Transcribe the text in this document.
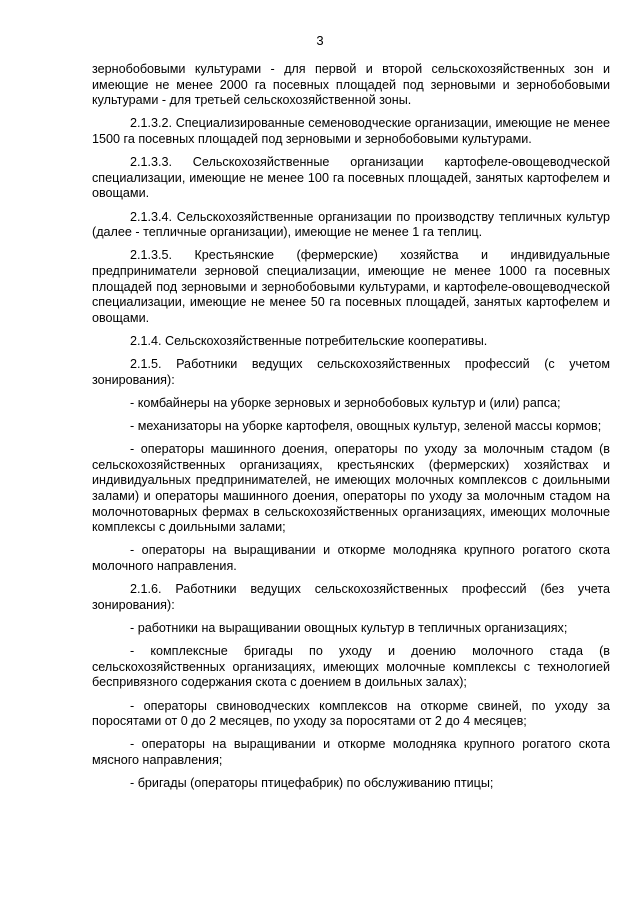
3

зернобобовыми культурами - для первой и второй сельскохозяйственных зон и имеющие не менее 2000 га посевных площадей под зерновыми и зернобобовыми культурами - для третьей сельскохозяйственной зоны.

2.1.3.2. Специализированные семеноводческие организации, имеющие не менее 1500 га посевных площадей под зерновыми и зернобобовыми культурами.

2.1.3.3. Сельскохозяйственные организации картофеле-овощеводческой специализации, имеющие не менее 100 га посевных площадей, занятых картофелем и овощами.

2.1.3.4. Сельскохозяйственные организации по производству тепличных культур (далее - тепличные организации), имеющие не менее 1 га теплиц.

2.1.3.5. Крестьянские (фермерские) хозяйства и индивидуальные предприниматели зерновой специализации, имеющие не менее 1000 га посевных площадей под зерновыми и зернобобовыми культурами, и картофеле-овощеводческой специализации, имеющие не менее 50 га посевных площадей, занятых картофелем и овощами.

2.1.4. Сельскохозяйственные потребительские кооперативы.

2.1.5. Работники ведущих сельскохозяйственных профессий (с учетом зонирования):

- комбайнеры на уборке зерновых и зернобобовых культур и (или) рапса;

- механизаторы на уборке картофеля, овощных культур, зеленой массы кормов;

- операторы машинного доения, операторы по уходу за молочным стадом (в сельскохозяйственных организациях, крестьянских (фермерских) хозяйствах и индивидуальных предпринимателей, не имеющих молочных комплексов с доильными залами) и операторы машинного доения, операторы по уходу за молочным стадом на молочнотоварных фермах в сельскохозяйственных организациях, имеющих молочные комплексы с доильными залами;

- операторы на выращивании и откорме молодняка крупного рогатого скота молочного направления.

2.1.6. Работники ведущих сельскохозяйственных профессий (без учета зонирования):

- работники на выращивании овощных культур в тепличных организациях;

- комплексные бригады по уходу и доению молочного стада (в сельскохозяйственных организациях, имеющих молочные комплексы с технологией беспривязного содержания скота с доением в доильных залах);

- операторы свиноводческих комплексов на откорме свиней, по уходу за поросятами от 0 до 2 месяцев, по уходу за поросятами от 2 до 4 месяцев;

- операторы на выращивании и откорме молодняка крупного рогатого скота мясного направления;

- бригады (операторы птицефабрик) по обслуживанию птицы;
